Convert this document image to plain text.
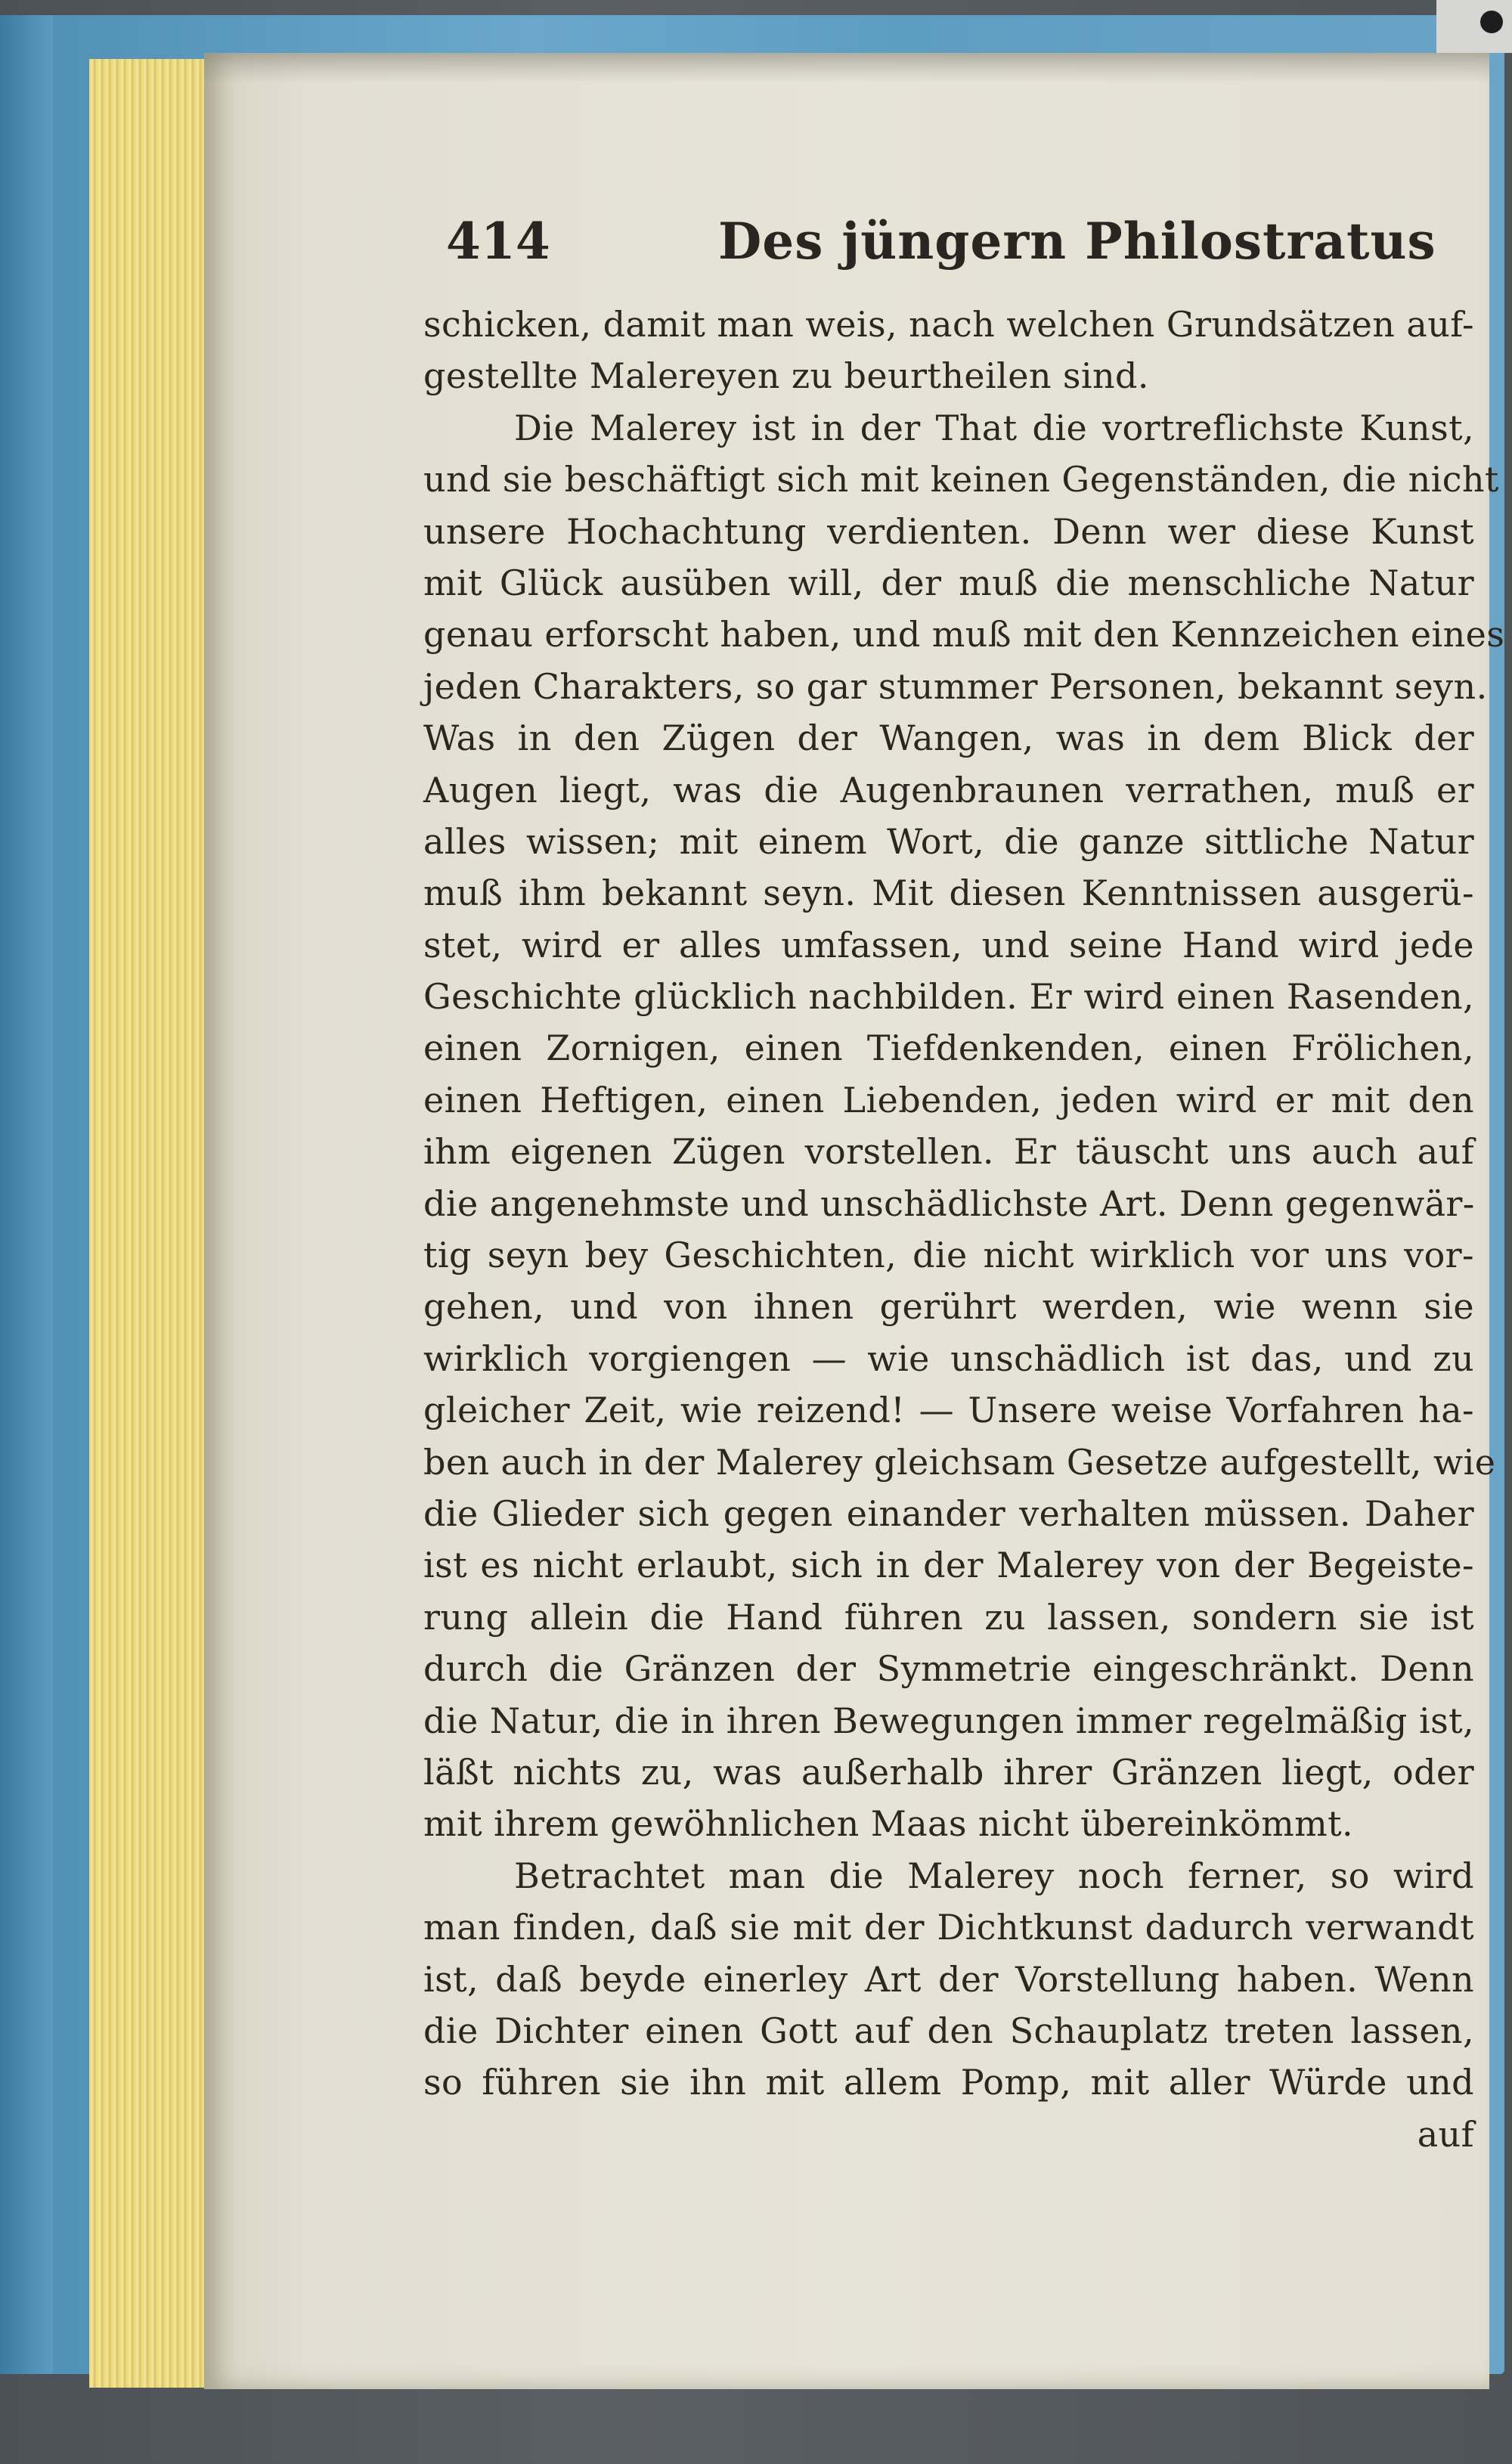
414	Des jüngern Philostratus
schicken, damit man weis, nach welchen Grundsätzen auf-
gestellte Malereyen zu beurtheilen sind.
Die Malerey ist in der That die vortreflichste Kunst,
und sie beschäftigt sich mit keinen Gegenständen, die nicht
unsere Hochachtung verdienten. Denn wer diese Kunst
mit Glück ausüben will, der muß die menschliche Natur
genau erforscht haben, und muß mit den Kennzeichen eines
jeden Charakters, so gar stummer Personen, bekannt seyn.
Was in den Zügen der Wangen, was in dem Blick der
Augen liegt, was die Augenbraunen verrathen, muß er
alles wissen; mit einem Wort, die ganze sittliche Natur
muß ihm bekannt seyn. Mit diesen Kenntnissen ausgerü-
stet, wird er alles umfassen, und seine Hand wird jede
Geschichte glücklich nachbilden. Er wird einen Rasenden,
einen Zornigen, einen Tiefdenkenden, einen Frölichen,
einen Heftigen, einen Liebenden, jeden wird er mit den
ihm eigenen Zügen vorstellen. Er täuscht uns auch auf
die angenehmste und unschädlichste Art. Denn gegenwär-
tig seyn bey Geschichten, die nicht wirklich vor uns vor-
gehen, und von ihnen gerührt werden, wie wenn sie
wirklich vorgiengen — wie unschädlich ist das, und zu
gleicher Zeit, wie reizend! — Unsere weise Vorfahren ha-
ben auch in der Malerey gleichsam Gesetze aufgestellt, wie
die Glieder sich gegen einander verhalten müssen. Daher
ist es nicht erlaubt, sich in der Malerey von der Begeiste-
rung allein die Hand führen zu lassen, sondern sie ist
durch die Gränzen der Symmetrie eingeschränkt. Denn
die Natur, die in ihren Bewegungen immer regelmäßig ist,
läßt nichts zu, was außerhalb ihrer Gränzen liegt, oder
mit ihrem gewöhnlichen Maas nicht übereinkömmt.
Betrachtet man die Malerey noch ferner, so wird
man finden, daß sie mit der Dichtkunst dadurch verwandt
ist, daß beyde einerley Art der Vorstellung haben. Wenn
die Dichter einen Gott auf den Schauplatz treten lassen,
so führen sie ihn mit allem Pomp, mit aller Würde und
auf
